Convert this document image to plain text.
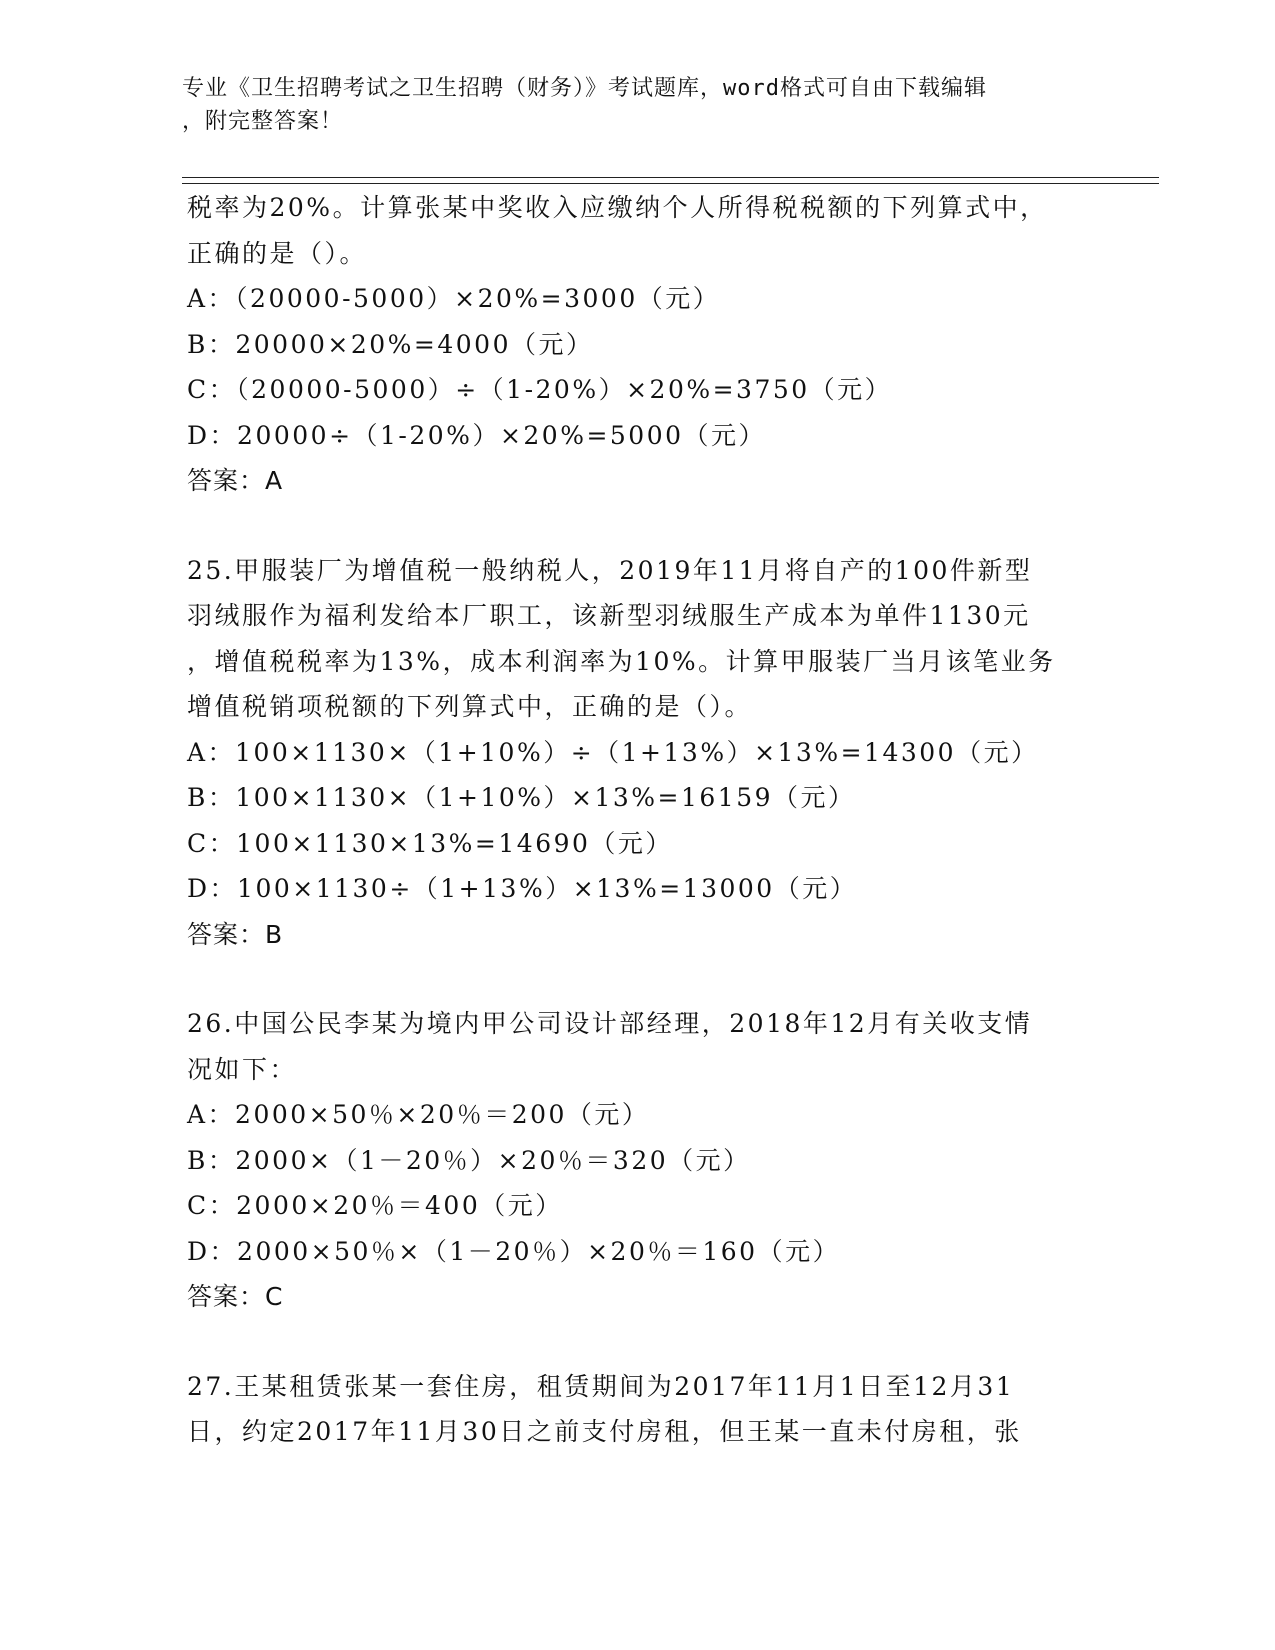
专业《卫生招聘考试之卫生招聘（财务）》考试题库，word格式可自由下载编辑
，附完整答案！
税率为20%。计算张某中奖收入应缴纳个人所得税税额的下列算式中，
正确的是（）。
A：（20000-5000）×20%=3000（元）
B：20000×20%=4000（元）
C：（20000-5000）÷（1-20%）×20%=3750（元）
D：20000÷（1-20%）×20%=5000（元）
答案：A
25.甲服装厂为增值税一般纳税人，2019年11月将自产的100件新型
羽绒服作为福利发给本厂职工，该新型羽绒服生产成本为单件1130元
，增值税税率为13%，成本利润率为10%。计算甲服装厂当月该笔业务
增值税销项税额的下列算式中，正确的是（）。
A：100×1130×（1+10%）÷（1+13%）×13%=14300（元）
B：100×1130×（1+10%）×13%=16159（元）
C：100×1130×13%=14690（元）
D：100×1130÷（1+13%）×13%=13000（元）
答案：B
26.中国公民李某为境内甲公司设计部经理，2018年12月有关收支情
况如下：
A：2000×50％×20％＝200（元）
B：2000×（1－20％）×20％＝320（元）
C：2000×20％＝400（元）
D：2000×50％×（1－20％）×20％＝160（元）
答案：C
27.王某租赁张某一套住房，租赁期间为2017年11月1日至12月31
日，约定2017年11月30日之前支付房租，但王某一直未付房租，张
